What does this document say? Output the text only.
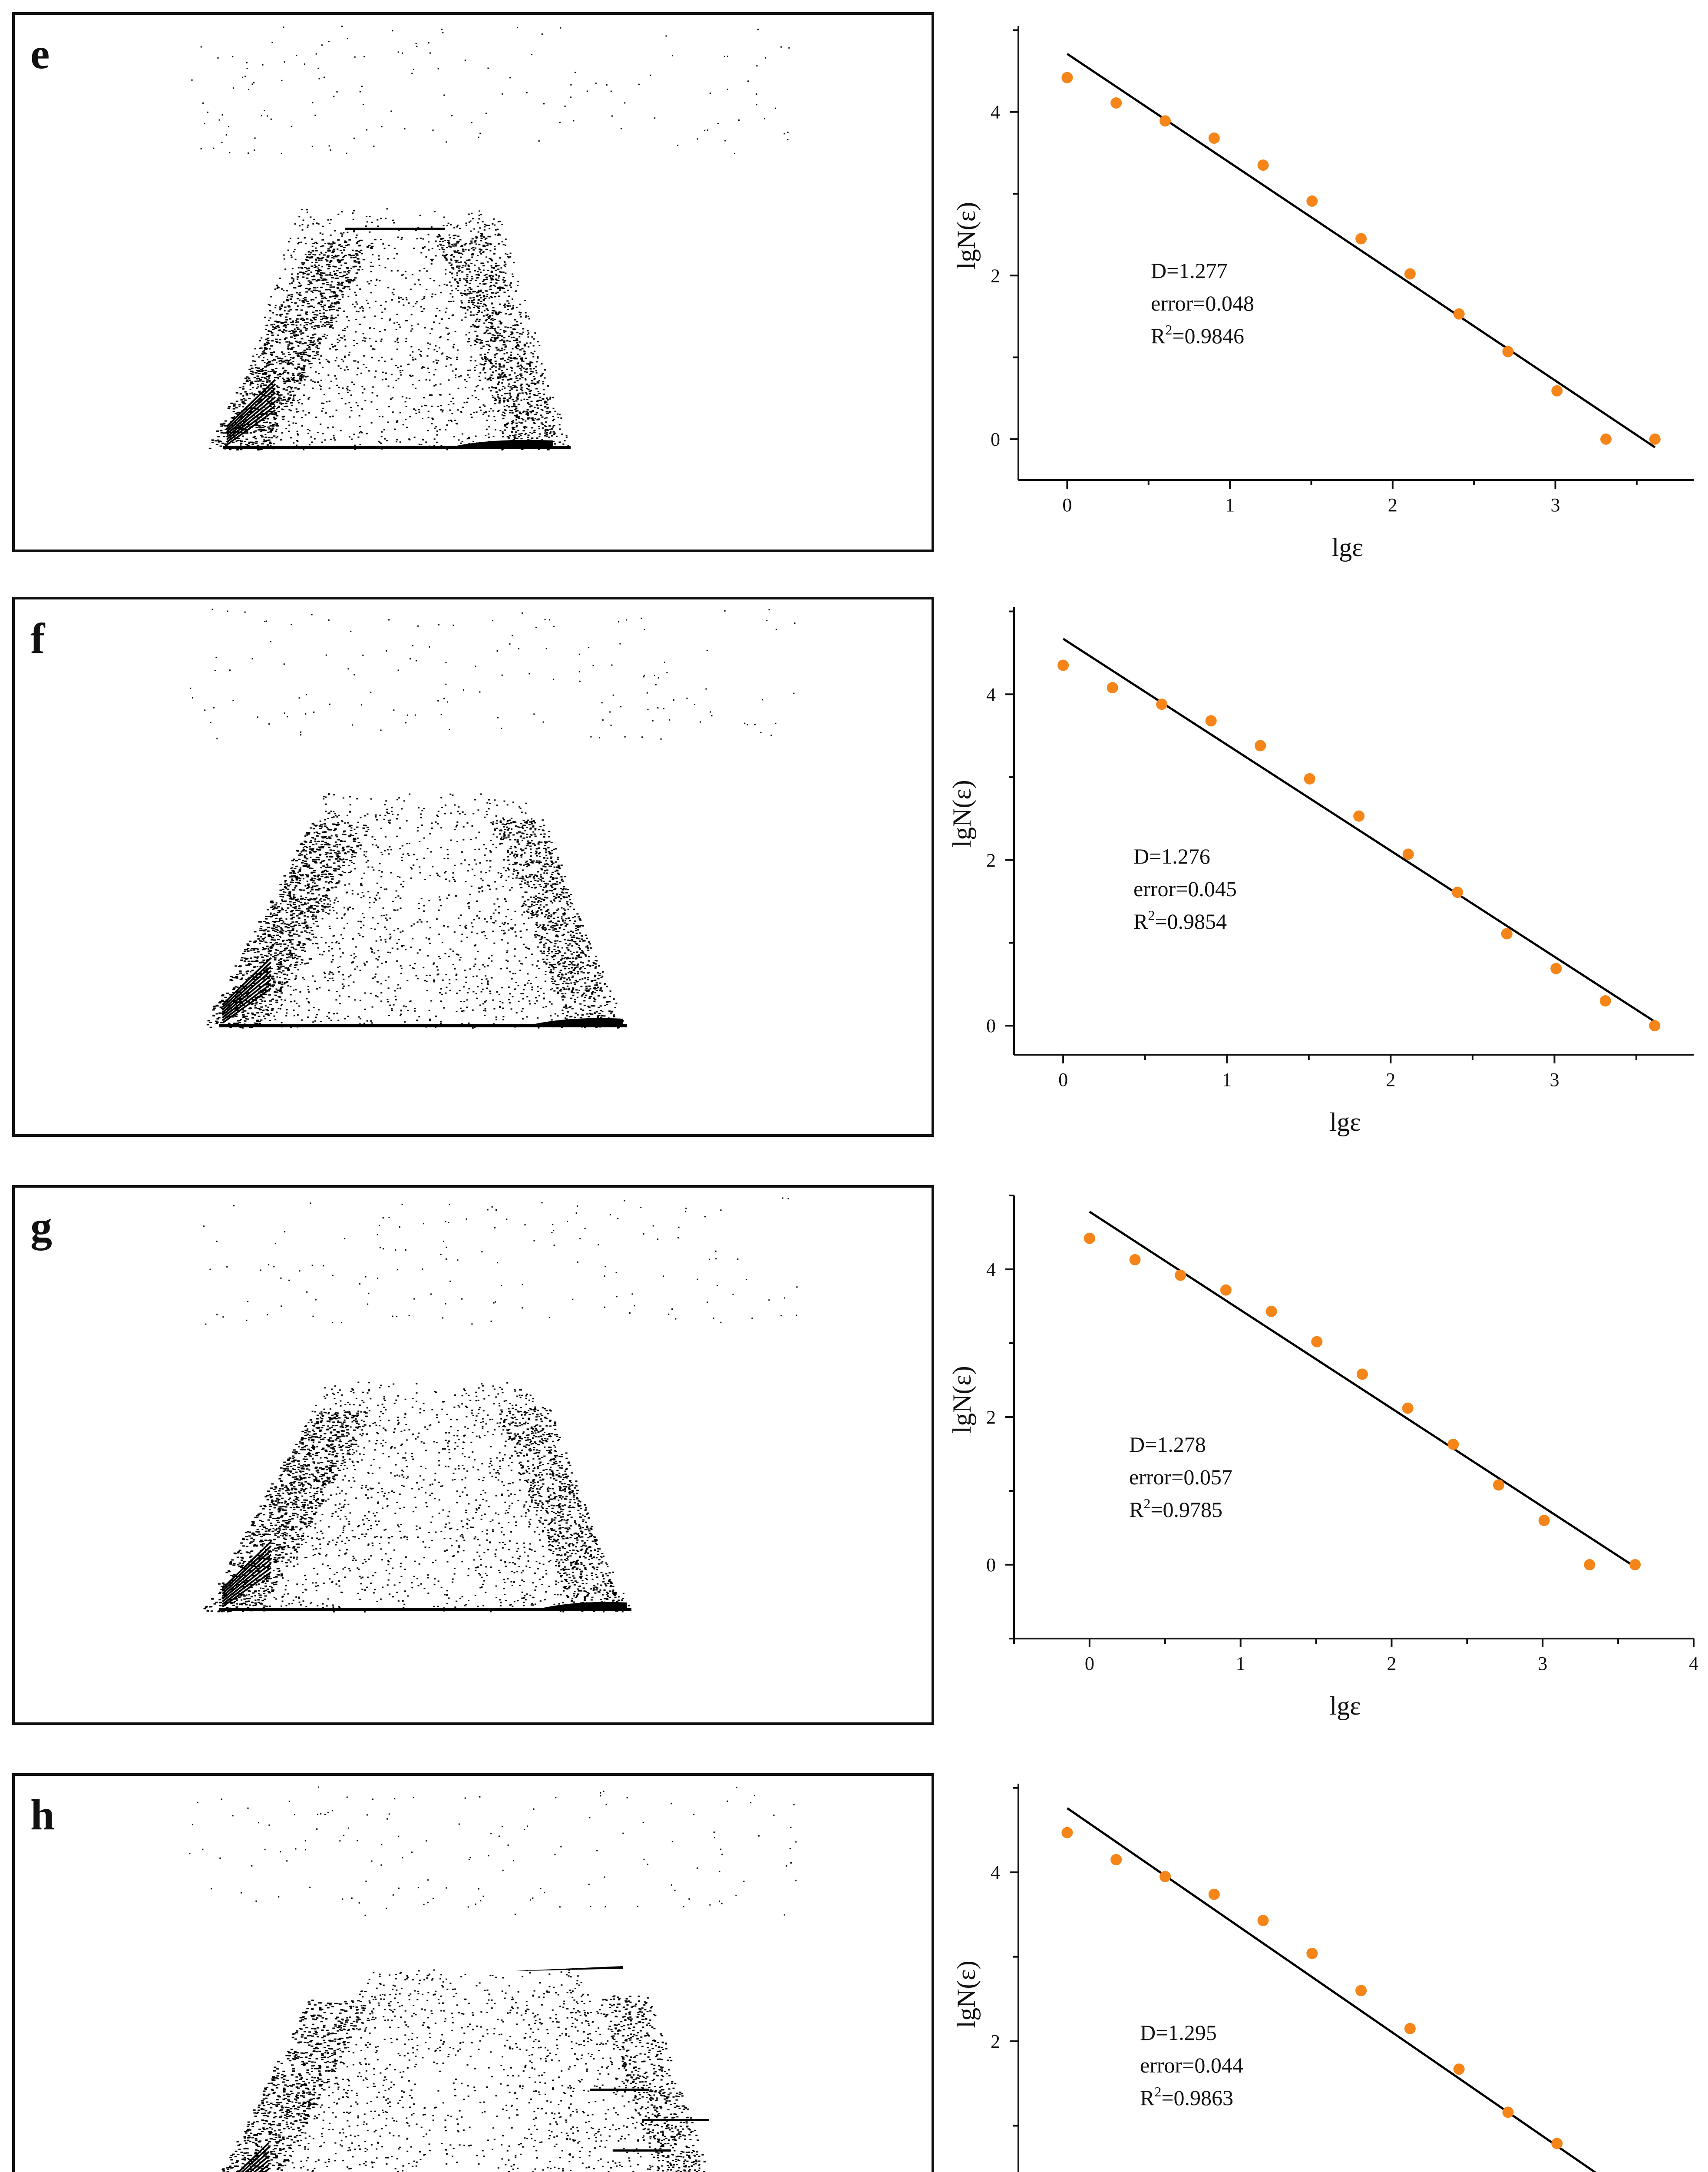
e
f
g
h
0	1	2	3
0
2
4
lgε
lgN(ε)
D=1.277
error=0.048
$R^2=0.9846$
0	1	2	3
0
2
4
lgε
lgN(ε)
D=1.276
error=0.045
$R^2=0.9854$
0	1	2	3	4
0
2
4
lgε
lgN(ε)
D=1.278
error=0.057
$R^2=0.9785$
2
4
lgN(ε)
D=1.295
error=0.044
$R^2=0.9863$
